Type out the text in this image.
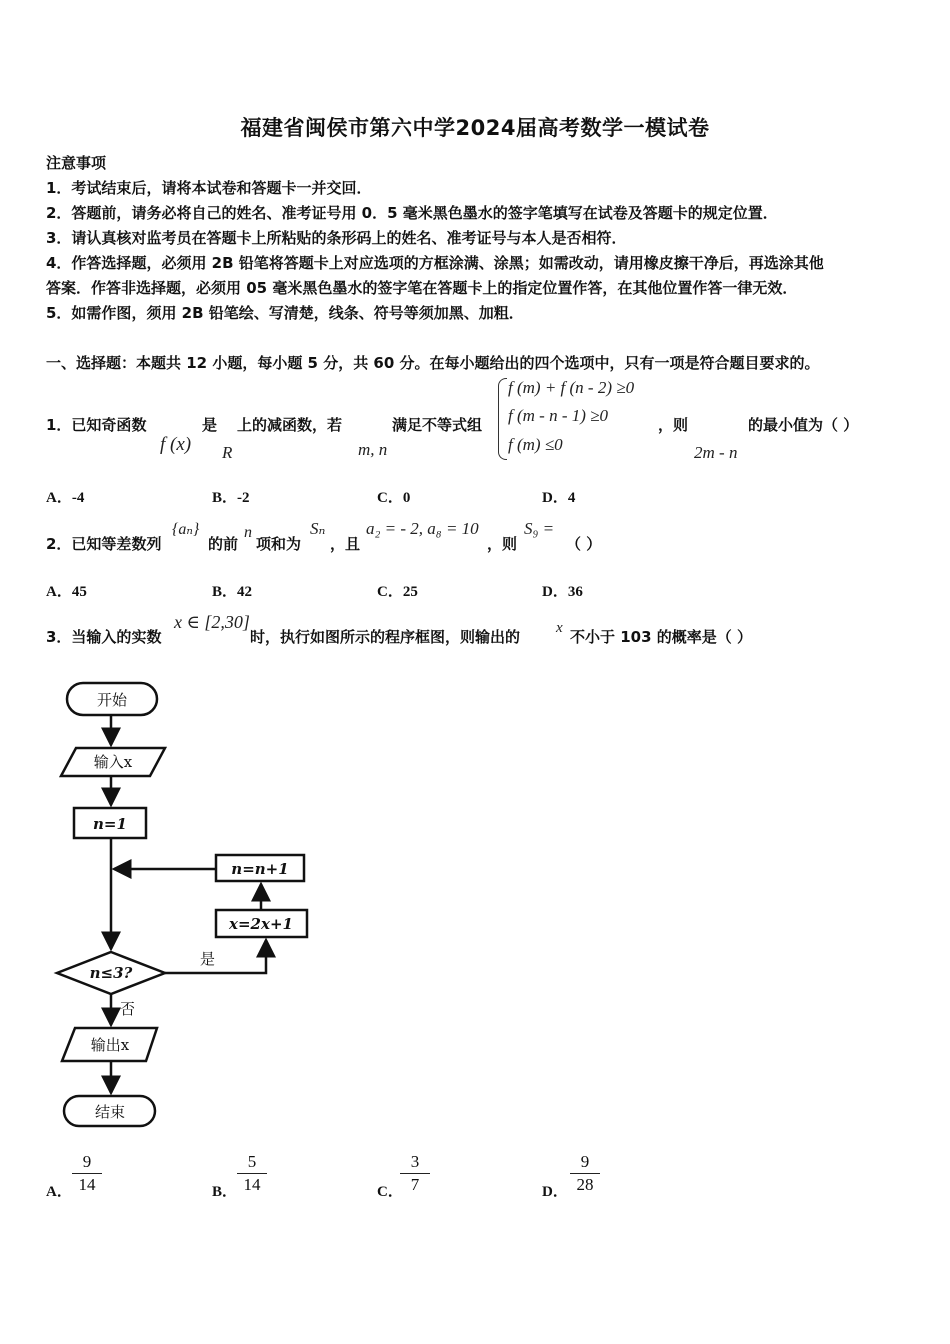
福建省闽侯市第六中学2024届高考数学一模试卷
注意事项
1．考试结束后，请将本试卷和答题卡一并交回．
2．答题前，请务必将自己的姓名、准考证号用 0．5 毫米黑色墨水的签字笔填写在试卷及答题卡的规定位置．
3．请认真核对监考员在答题卡上所粘贴的条形码上的姓名、准考证号与本人是否相符．
4．作答选择题，必须用 2B 铅笔将答题卡上对应选项的方框涂满、涂黑；如需改动，请用橡皮擦干净后，再选涂其他
答案．作答非选择题，必须用 05 毫米黑色墨水的签字笔在答题卡上的指定位置作答，在其他位置作答一律无效．
5．如需作图，须用 2B 铅笔绘、写清楚，线条、符号等须加黑、加粗．
一、选择题：本题共 12 小题，每小题 5 分，共 60 分。在每小题给出的四个选项中，只有一项是符合题目要求的。
1．已知奇函数
f (x)
是
R
上的减函数，若
m, n
满足不等式组
f (m) + f (n - 2) ≥0
f (m - n - 1) ≥0
f (m) ≤0
，则
2m - n
的最小值为（ ）
A．-4	B．-2	C．0	D．4
2．已知等差数列
{aₙ}
的前
n
项和为
Sₙ
，且
a₂ = - 2, a₈ = 10
，则
S₉ =
（ ）
A．45	B．42	C．25	D．36
3．当输入的实数
x ∈ [2,30]
时，执行如图所示的程序框图，则输出的 x 不小于 103 的概率是（ ）
开始
输入x
n=1
n=n+1
x=2x+1
n≤3?
是
否
输出x
结束
A．
9
14	B．
5
14	C．
3
7	D．
9
28
